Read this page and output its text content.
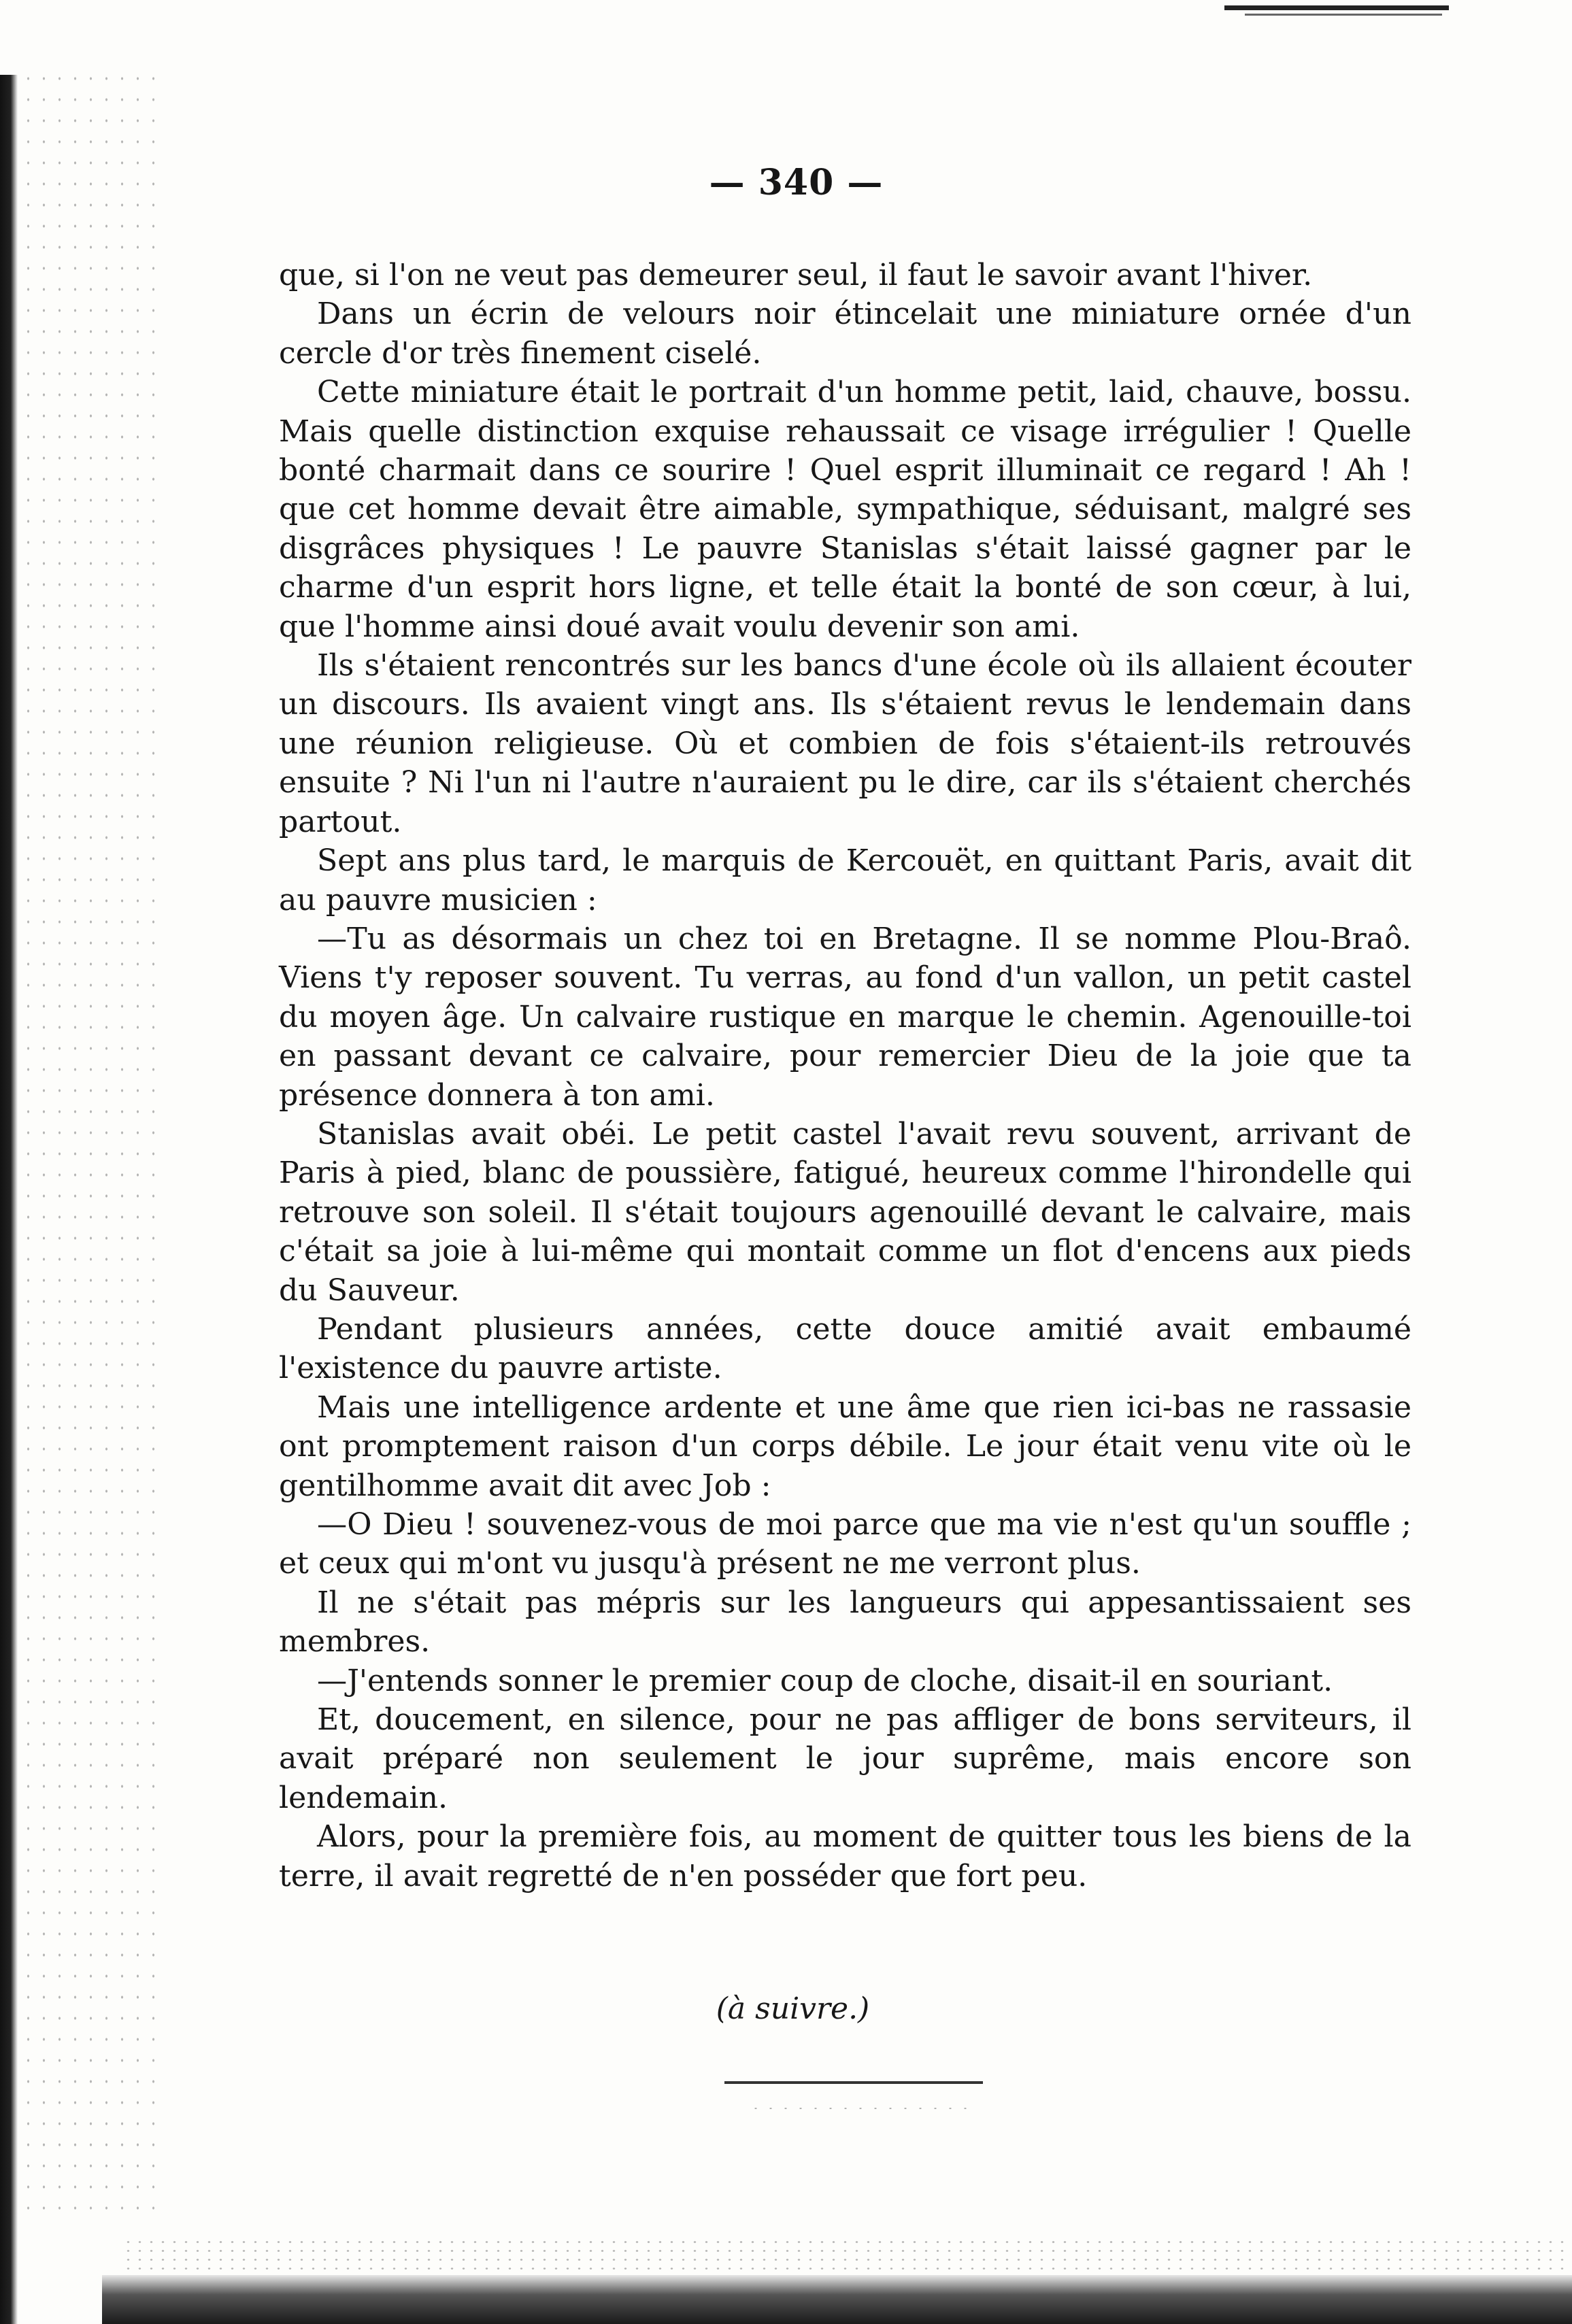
— 340 —

que, si l'on ne veut pas demeurer seul, il faut le savoir avant l'hiver.

Dans un écrin de velours noir étincelait une miniature ornée d'un cercle d'or très finement ciselé.

Cette miniature était le portrait d'un homme petit, laid, chauve, bossu. Mais quelle distinction exquise rehaussait ce visage irrégulier ! Quelle bonté charmait dans ce sourire ! Quel esprit illuminait ce regard ! Ah ! que cet homme devait être aimable, sympathique, séduisant, malgré ses disgrâces physiques ! Le pauvre Stanislas s'était laissé gagner par le charme d'un esprit hors ligne, et telle était la bonté de son cœur, à lui, que l'homme ainsi doué avait voulu devenir son ami.

Ils s'étaient rencontrés sur les bancs d'une école où ils allaient écouter un discours. Ils avaient vingt ans. Ils s'étaient revus le lendemain dans une réunion religieuse. Où et combien de fois s'étaient-ils retrouvés ensuite ? Ni l'un ni l'autre n'auraient pu le dire, car ils s'étaient cherchés partout.

Sept ans plus tard, le marquis de Kercouët, en quittant Paris, avait dit au pauvre musicien :

—Tu as désormais un chez toi en Bretagne. Il se nomme Plou-Braô. Viens t'y reposer souvent. Tu verras, au fond d'un vallon, un petit castel du moyen âge. Un calvaire rustique en marque le chemin. Agenouille-toi en passant devant ce calvaire, pour remercier Dieu de la joie que ta présence donnera à ton ami.

Stanislas avait obéi. Le petit castel l'avait revu souvent, arrivant de Paris à pied, blanc de poussière, fatigué, heureux comme l'hirondelle qui retrouve son soleil. Il s'était toujours agenouillé devant le calvaire, mais c'était sa joie à lui-même qui montait comme un flot d'encens aux pieds du Sauveur.

Pendant plusieurs années, cette douce amitié avait embaumé l'existence du pauvre artiste.

Mais une intelligence ardente et une âme que rien ici-bas ne rassasie ont promptement raison d'un corps débile. Le jour était venu vite où le gentilhomme avait dit avec Job :

—O Dieu ! souvenez-vous de moi parce que ma vie n'est qu'un souffle ; et ceux qui m'ont vu jusqu'à présent ne me verront plus.

Il ne s'était pas mépris sur les langueurs qui appesantissaient ses membres.

—J'entends sonner le premier coup de cloche, disait-il en souriant.

Et, doucement, en silence, pour ne pas affliger de bons serviteurs, il avait préparé non seulement le jour suprême, mais encore son lendemain.

Alors, pour la première fois, au moment de quitter tous les biens de la terre, il avait regretté de n'en posséder que fort peu.

(à suivre.)
